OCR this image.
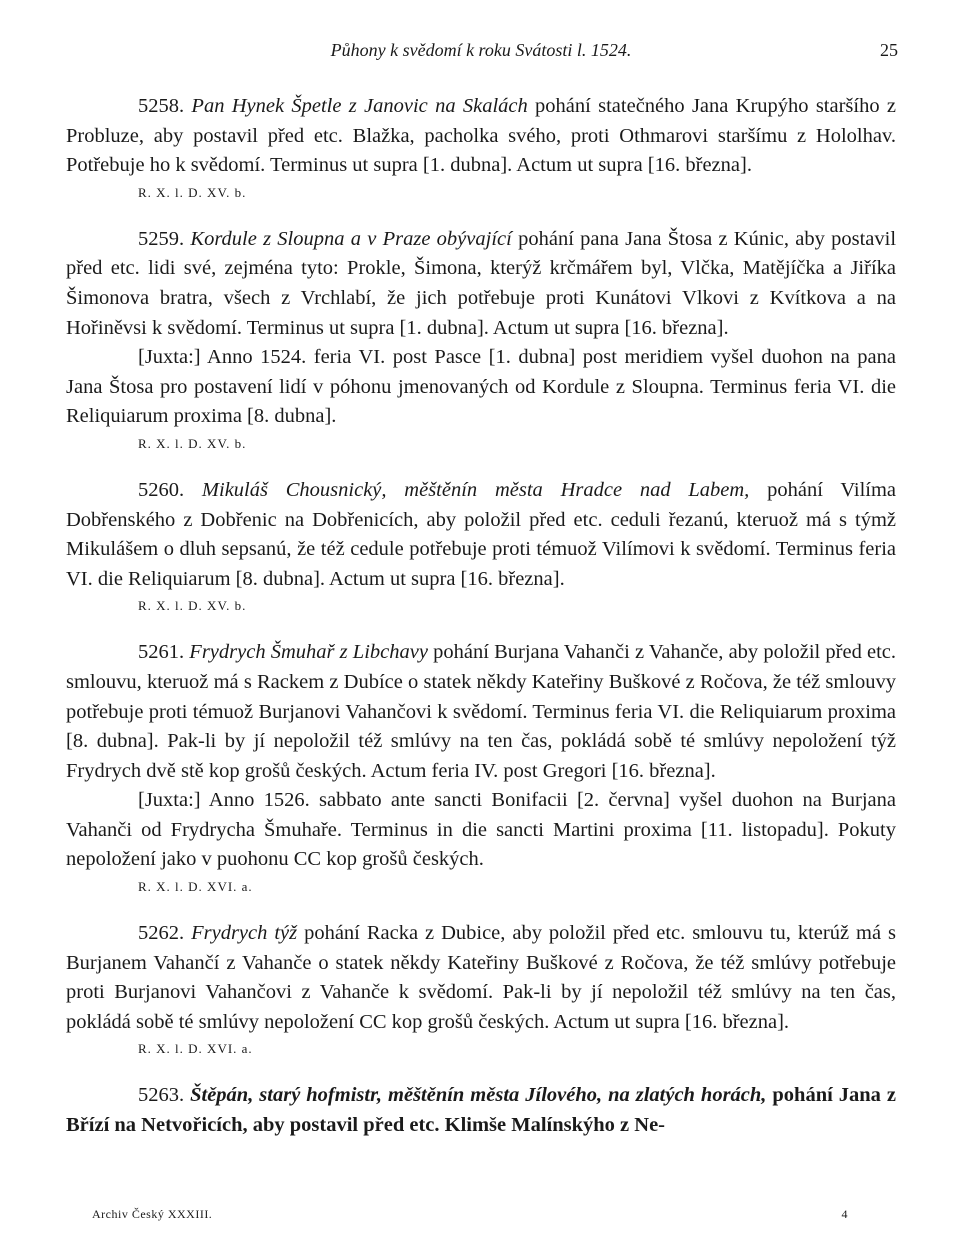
Půhony k svědomí k roku Svátosti l. 1524.	25

5258. Pan Hynek Špetle z Janovic na Skalách pohání statečného Jana Krupýho staršího z Probluze, aby postavil před etc. Blažka, pacholka svého, proti Othmarovi staršímu z Hololhav. Potřebuje ho k svědomí. Terminus ut supra [1. dubna]. Actum ut supra [16. března].

R. X. l. D. XV. b.

5259. Kordule z Sloupna a v Praze obývající pohání pana Jana Štosa z Kúnic, aby postavil před etc. lidi své, zejména tyto: Prokle, Šimona, kterýž krčmářem byl, Vlčka, Matějíčka a Jiříka Šimonova bratra, všech z Vrchlabí, že jich potřebuje proti Kunátovi Vlkovi z Kvítkova a na Hořiněvsi k svědomí. Terminus ut supra [1. dubna]. Actum ut supra [16. března].

[Juxta:] Anno 1524. feria VI. post Pasce [1. dubna] post meridiem vyšel duohon na pana Jana Štosa pro postavení lidí v póhonu jmenovaných od Kordule z Sloupna. Terminus feria VI. die Reliquiarum proxima [8. dubna].

R. X. l. D. XV. b.

5260. Mikuláš Chousnický, měštěnín města Hradce nad Labem, pohání Vilíma Dobřenského z Dobřenic na Dobřenicích, aby položil před etc. ceduli řezanú, kteruož má s týmž Mikulášem o dluh sepsanú, že též cedule potřebuje proti témuož Vilímovi k svědomí. Terminus feria VI. die Reliquiarum [8. dubna]. Actum ut supra [16. března].

R. X. l. D. XV. b.

5261. Frydrych Šmuhař z Libchavy pohání Burjana Vahanči z Vahanče, aby položil před etc. smlouvu, kteruož má s Rackem z Dubíce o statek někdy Kateřiny Buškové z Ročova, že též smlouvy potřebuje proti témuož Burjanovi Vahančovi k svědomí. Terminus feria VI. die Reliquiarum proxima [8. dubna]. Pak-li by jí nepoložil též smlúvy na ten čas, pokládá sobě té smlúvy nepoložení týž Frydrych dvě stě kop grošů českých. Actum feria IV. post Gregori [16. března].

[Juxta:] Anno 1526. sabbato ante sancti Bonifacii [2. června] vyšel duohon na Burjana Vahanči od Frydrycha Šmuhaře. Terminus in die sancti Martini proxima [11. listopadu]. Pokuty nepoložení jako v puohonu CC kop grošů českých.

R. X. l. D. XVI. a.

5262. Frydrych týž pohání Racka z Dubice, aby položil před etc. smlouvu tu, kterúž má s Burjanem Vahančí z Vahanče o statek někdy Kateřiny Buškové z Ročova, že též smlúvy potřebuje proti Burjanovi Vahančovi z Vahanče k svědomí. Pak-li by jí nepoložil též smlúvy na ten čas, pokládá sobě té smlúvy nepoložení CC kop grošů českých. Actum ut supra [16. března].

R. X. l. D. XVI. a.

5263. Štěpán, starý hofmistr, měštěnín města Jílového, na zlatých horách, pohání Jana z Břízí na Netvořicích, aby postavil před etc. Klimše Malínskýho z Ne-

Archiv Český XXXIII.	4
